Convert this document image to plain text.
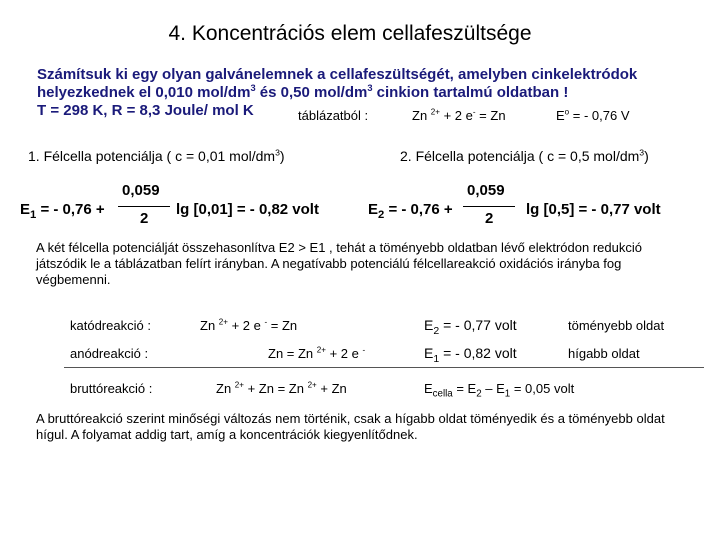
4. Koncentrációs elem cellafeszültsége
Számítsuk ki egy olyan galvánelemnek a cellafeszültségét, amelyben cinkelektródok
helyezkednek el 0,010 mol/$dm^3$ és 0,50 mol/$dm^3$ cinkion tartalmú oldatban !
T = 298 K, R = 8,3 Joule/ mol K	táblázatból :	Zn $^{2+}$ + 2 e- = Zn	$E^o$ = - 0,76 V
1. Félcella potenciálja ( c = 0,01 mol/$dm^3$)
$E_1$ = - 0,76 +
0,059
2
lg [0,01] = - 0,82 volt
2. Félcella potenciálja ( c = 0,5 mol/$dm^3$)
$E_2$ = - 0,76 +
0,059
2
lg [0,5] = - 0,77 volt
A két félcella potenciálját összehasonlítva E2 > E1 , tehát a töményebb oldatban lévő elektródon redukció játszódik le a táblázatban felírt irányban. A negatívabb potenciálú félcellareakció oxidációs irányba fog végbemenni.
katódreakció :	Zn $^{2+}$ + 2 e - = Zn	$E_2$ = - 0,77 volt	töményebb oldat
anódreakció :	Zn = Zn $^{2+}$ + 2 e -	$E_1$ = - 0,82 volt	hígabb oldat
bruttóreakció :	Zn $^{2+}$ + Zn = Zn $^{2+}$ + Zn	$E_{cella} = E_2 - E_1 = 0,05$ volt
A bruttóreakció szerint minőségi változás nem történik, csak a hígabb oldat töményedik és a töményebb oldat hígul. A folyamat addig tart, amíg a koncentrációk kiegyenlítődnek.
